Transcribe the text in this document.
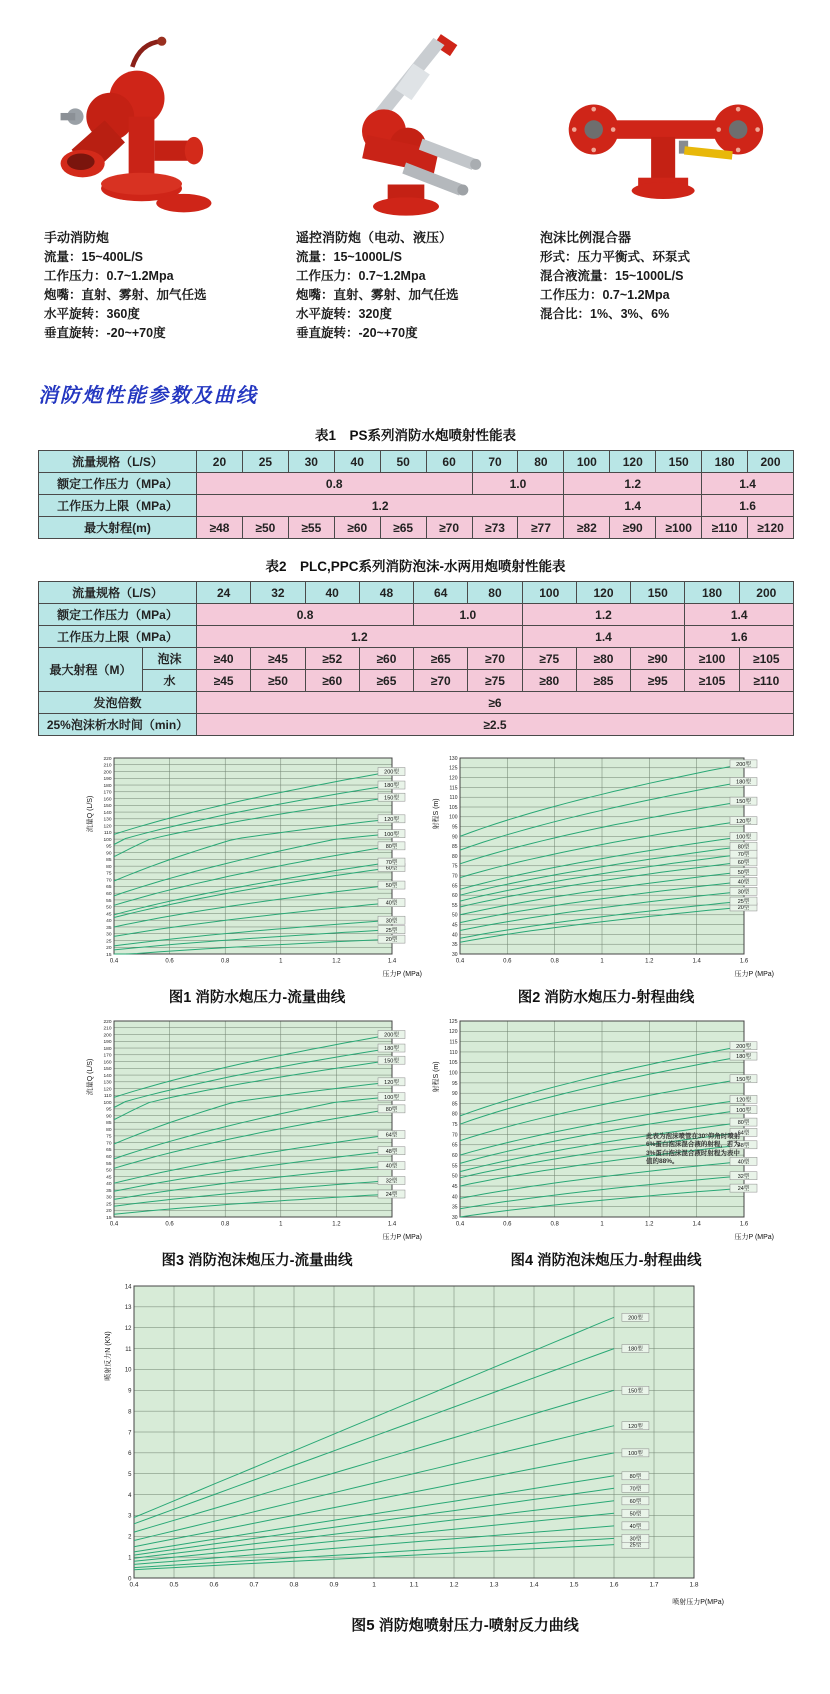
手动消防炮
流量：15~400L/S
工作压力：0.7~1.2Mpa
炮嘴：直射、雾射、加气任选
水平旋转：360度
垂直旋转：-20~+70度
遥控消防炮（电动、液压）
流量：15~1000L/S
工作压力：0.7~1.2Mpa
炮嘴：直射、雾射、加气任选
水平旋转：320度
垂直旋转：-20~+70度
泡沫比例混合器
形式：压力平衡式、环泵式
混合液流量：15~1000L/S
工作压力：0.7~1.2Mpa
混合比：1%、3%、6%
消防炮性能参数及曲线
表1　PS系列消防水炮喷射性能表
流量规格（L/S）	20	25	30	40	50	60	70	80	100	120	150	180	200
额定工作压力（MPa）	0.8						1.0		1.2			1.4	
工作压力上限（MPa）	1.2								1.4			1.6	
最大射程(m)	≥48	≥50	≥55	≥60	≥65	≥70	≥73	≥77	≥82	≥90	≥100	≥110	≥120
表2　PLC,PPC系列消防泡沫-水两用炮喷射性能表
流量规格（L/S）		24	32	40	48	64	80	100	120	150	180	200
额定工作压力（MPa）		0.8				1.0		1.2			1.4	
工作压力上限（MPa）		1.2						1.4			1.6	
最大射程（M）	泡沫	≥40	≥45	≥52	≥60	≥65	≥70	≥75	≥80	≥90	≥100	≥105
	水	≥45	≥50	≥60	≥65	≥70	≥75	≥80	≥85	≥95	≥105	≥110
发泡倍数		≥6										
25%泡沫析水时间（min）		≥2.5										
15
20
25
30
35
40
45
50
55
60
65
70
75
80
85
90
95
100
110
120
130
140
150
160
170
180
190
200
210
220
0.4	0.6	0.8	1	1.2	1.4
20型
25型
30型
40型
50型
60型
70型
80型
100型
120型
150型
180型
200型
流量Q (L/S)
压力P (MPa)
图1 消防水炮压力-流量曲线
30
35
40
45
50
55
60
65
70
75
80
85
90
95
100
105
110
115
120
125
130
0.4	0.6	0.8	1	1.2	1.4	1.6
20型
25型
30型
40型
50型
60型
70型
80型
100型
120型
150型
180型
200型
射程S (m)
压力P (MPa)
图2 消防水炮压力-射程曲线
15
20
25
30
35
40
45
50
55
60
65
70
75
80
85
90
95
100
110
120
130
140
150
160
170
180
190
200
210
220
0.4	0.6	0.8	1	1.2	1.4
24型
32型
40型
48型
64型
80型
100型
120型
150型
180型
200型
流量Q (L/S)
压力P (MPa)
图3 消防泡沫炮压力-流量曲线
30
35
40
45
50
55
60
65
70
75
80
85
90
95
100
105
110
115
120
125
0.4	0.6	0.8	1	1.2	1.4	1.6
24型
32型
40型
48型
64型
80型
100型
120型
150型
180型
200型
射程S (m)
压力P (MPa)
此表为泡沫喷管在30°仰角时喷射6%蛋白泡沫混合液的射程，若为3%蛋白泡沫混合液时射程为表中值的88%。
图4 消防泡沫炮压力-射程曲线
0
1
2
3
4
5
6
7
8
9
10
11
12
13
14
0.4	0.5	0.6	0.7	0.8	0.9	1	1.1	1.2	1.3	1.4	1.5	1.6	1.7	1.8
25型
30型
40型
50型
60型
70型
80型
100型
120型
150型
180型
200型
喷射反力N (KN)
喷射压力P(MPa)
图5 消防炮喷射压力-喷射反力曲线
